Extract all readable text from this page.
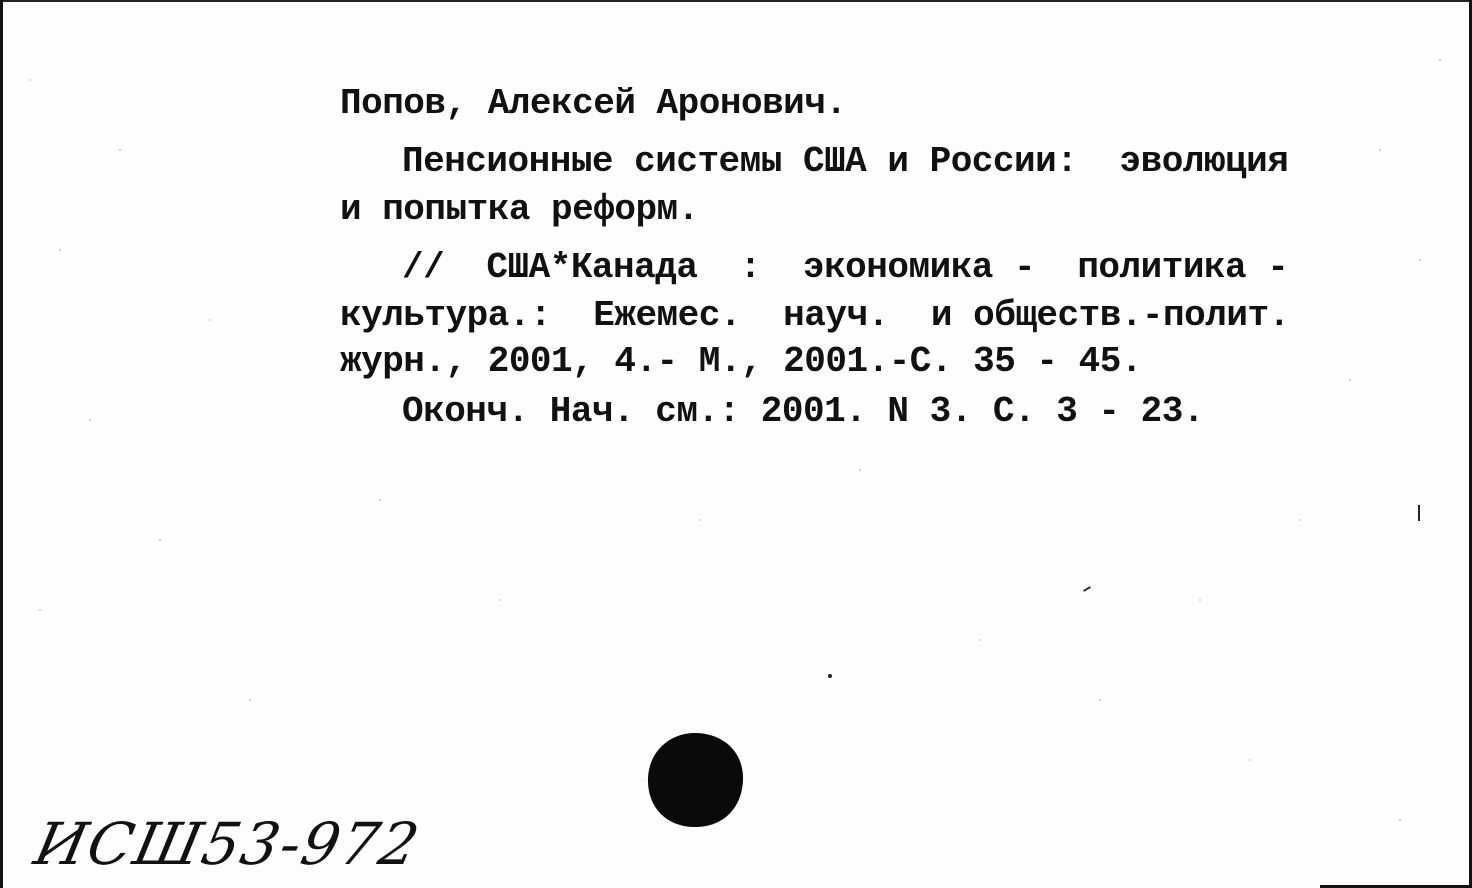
Попов, Алексей Аронович.
Пенсионные системы США и России:  эволюция
и попытка реформ.
//  США*Канада  :  экономика -  политика -
культура.:  Ежемес.  науч.  и обществ.-полит.
журн., 2001, 4.- М., 2001.-С. 35 - 45.
Оконч. Нач. см.: 2001. N 3. С. 3 - 23.
ИСШ53-972
